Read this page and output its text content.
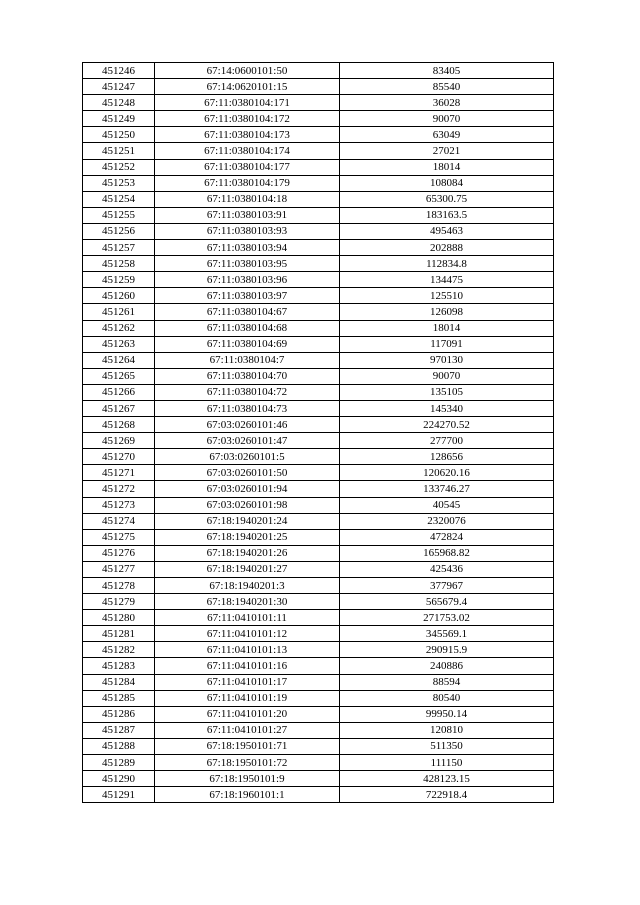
451246	67:14:0600101:50	83405
451247	67:14:0620101:15	85540
451248	67:11:0380104:171	36028
451249	67:11:0380104:172	90070
451250	67:11:0380104:173	63049
451251	67:11:0380104:174	27021
451252	67:11:0380104:177	18014
451253	67:11:0380104:179	108084
451254	67:11:0380104:18	65300.75
451255	67:11:0380103:91	183163.5
451256	67:11:0380103:93	495463
451257	67:11:0380103:94	202888
451258	67:11:0380103:95	112834.8
451259	67:11:0380103:96	134475
451260	67:11:0380103:97	125510
451261	67:11:0380104:67	126098
451262	67:11:0380104:68	18014
451263	67:11:0380104:69	117091
451264	67:11:0380104:7	970130
451265	67:11:0380104:70	90070
451266	67:11:0380104:72	135105
451267	67:11:0380104:73	145340
451268	67:03:0260101:46	224270.52
451269	67:03:0260101:47	277700
451270	67:03:0260101:5	128656
451271	67:03:0260101:50	120620.16
451272	67:03:0260101:94	133746.27
451273	67:03:0260101:98	40545
451274	67:18:1940201:24	2320076
451275	67:18:1940201:25	472824
451276	67:18:1940201:26	165968.82
451277	67:18:1940201:27	425436
451278	67:18:1940201:3	377967
451279	67:18:1940201:30	565679.4
451280	67:11:0410101:11	271753.02
451281	67:11:0410101:12	345569.1
451282	67:11:0410101:13	290915.9
451283	67:11:0410101:16	240886
451284	67:11:0410101:17	88594
451285	67:11:0410101:19	80540
451286	67:11:0410101:20	99950.14
451287	67:11:0410101:27	120810
451288	67:18:1950101:71	511350
451289	67:18:1950101:72	111150
451290	67:18:1950101:9	428123.15
451291	67:18:1960101:1	722918.4
